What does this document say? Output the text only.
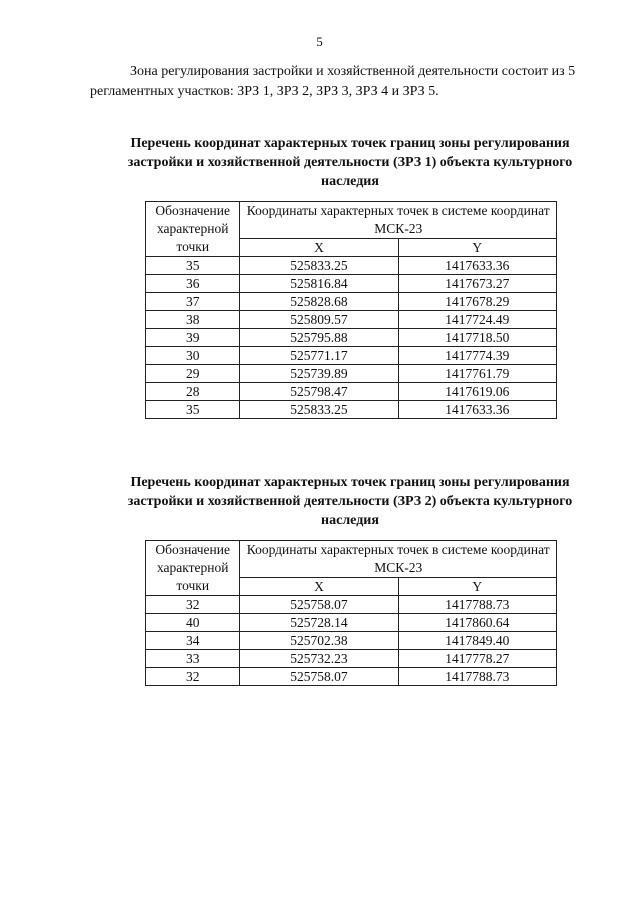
5

Зона регулирования застройки и хозяйственной деятельности состоит из 5 регламентных участков: ЗРЗ 1, ЗРЗ 2, ЗРЗ 3, ЗРЗ 4 и ЗРЗ 5.

Перечень координат характерных точек границ зоны регулирования застройки и хозяйственной деятельности (ЗРЗ 1) объекта культурного наследия

Обозначение характерной точки	Координаты характерных точек в системе координат МСК-23	
	X	Y
35	525833.25	1417633.36
36	525816.84	1417673.27
37	525828.68	1417678.29
38	525809.57	1417724.49
39	525795.88	1417718.50
30	525771.17	1417774.39
29	525739.89	1417761.79
28	525798.47	1417619.06
35	525833.25	1417633.36

Перечень координат характерных точек границ зоны регулирования застройки и хозяйственной деятельности (ЗРЗ 2) объекта культурного наследия

Обозначение характерной точки	Координаты характерных точек в системе координат МСК-23	
	X	Y
32	525758.07	1417788.73
40	525728.14	1417860.64
34	525702.38	1417849.40
33	525732.23	1417778.27
32	525758.07	1417788.73
